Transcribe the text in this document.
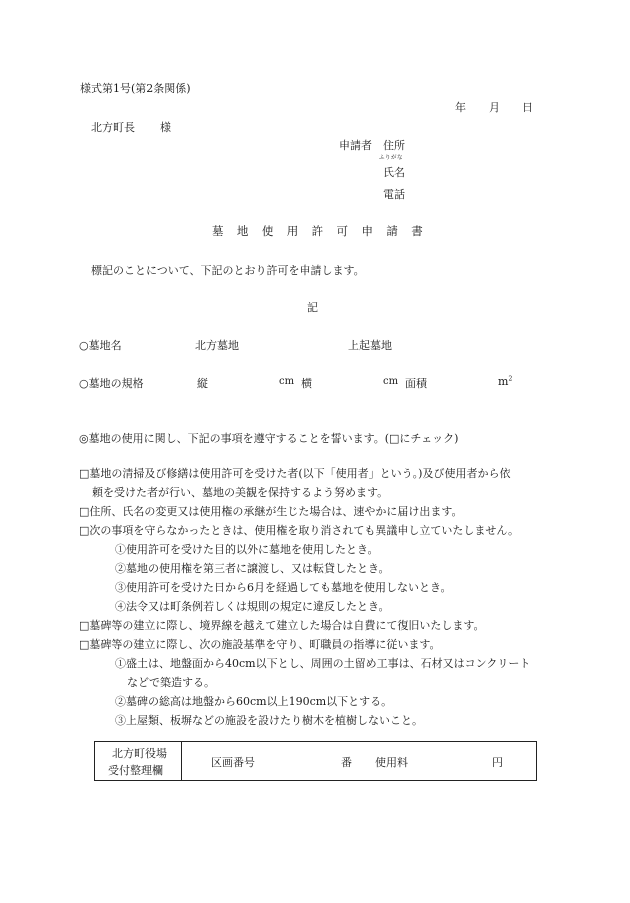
様式第1号(第2条関係)
年 月 日
北方町長 様
申請者 住所
ふりがな
氏名
電話
墓 地 使 用 許 可 申 請 書
標記のことについて、下記のとおり許可を申請します。
記
○墓地名	北方墓地	上起墓地
○墓地の規格	縦	cm 横	cm 面積	$m^2$
◎墓地の使用に関し、下記の事項を遵守することを誓います。(□にチェック)
□墓地の清掃及び修繕は使用許可を受けた者(以下「使用者」という。)及び使用者から依
頼を受けた者が行い、墓地の美観を保持するよう努めます。
□住所、氏名の変更又は使用権の承継が生じた場合は、速やかに届け出ます。
□次の事項を守らなかったときは、使用権を取り消されても異議申し立ていたしません。
①使用許可を受けた目的以外に墓地を使用したとき。
②墓地の使用権を第三者に譲渡し、又は転貸したとき。
③使用許可を受けた日から6月を経過しても墓地を使用しないとき。
④法令又は町条例若しくは規則の規定に違反したとき。
□墓碑等の建立に際し、境界線を越えて建立した場合は自費にて復旧いたします。
□墓碑等の建立に際し、次の施設基準を守り、町職員の指導に従います。
①盛土は、地盤面から40cm以下とし、周囲の土留め工事は、石材又はコンクリート
などで築造する。
②墓碑の総高は地盤から60cm以上190cm以下とする。
③上屋類、板塀などの施設を設けたり樹木を植樹しないこと。
北方町役場
受付整理欄
区画番号	番 使用料	円
